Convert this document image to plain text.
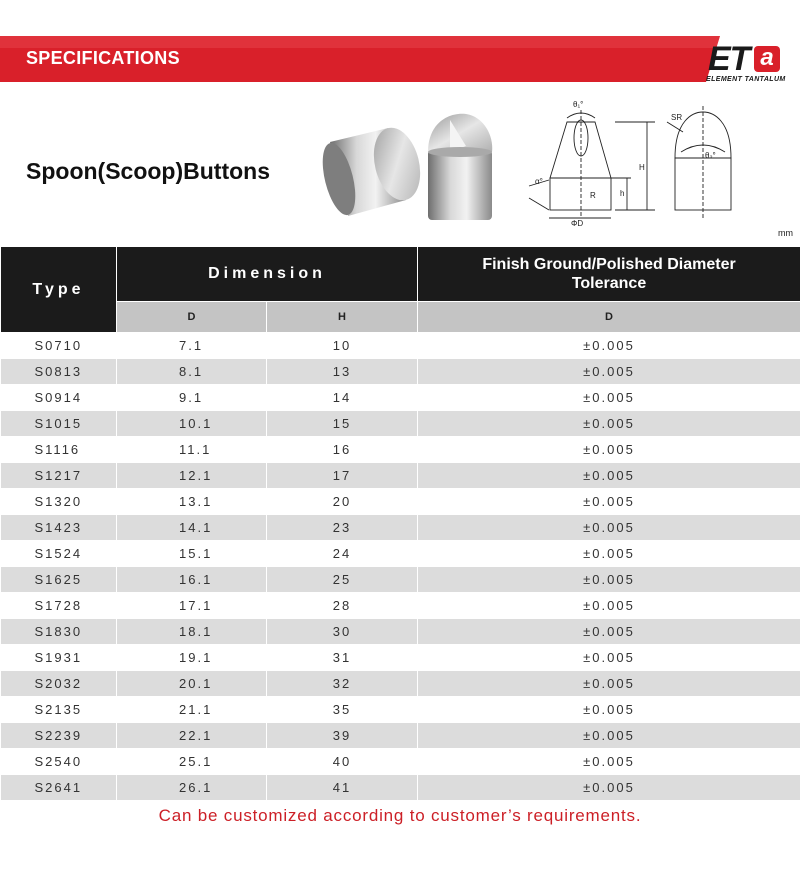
SPECIFICATIONS	ET a
ELEMENT TANTALUM
Spoon(Scoop)Buttons
θ₁°
SR
θ₂°
α°
R	h
H
ΦD
mm
Type	Dimension		Finish Ground/Polished Diameter
Tolerance

	D	H	D
S0710	7.1	10	±0.005
S0813	8.1	13	±0.005
S0914	9.1	14	±0.005
S1015	10.1	15	±0.005
S1116	11.1	16	±0.005
S1217	12.1	17	±0.005
S1320	13.1	20	±0.005
S1423	14.1	23	±0.005
S1524	15.1	24	±0.005
S1625	16.1	25	±0.005
S1728	17.1	28	±0.005
S1830	18.1	30	±0.005
S1931	19.1	31	±0.005
S2032	20.1	32	±0.005
S2135	21.1	35	±0.005
S2239	22.1	39	±0.005
S2540	25.1	40	±0.005
S2641	26.1	41	±0.005
Can be customized according to customer’s requirements.
